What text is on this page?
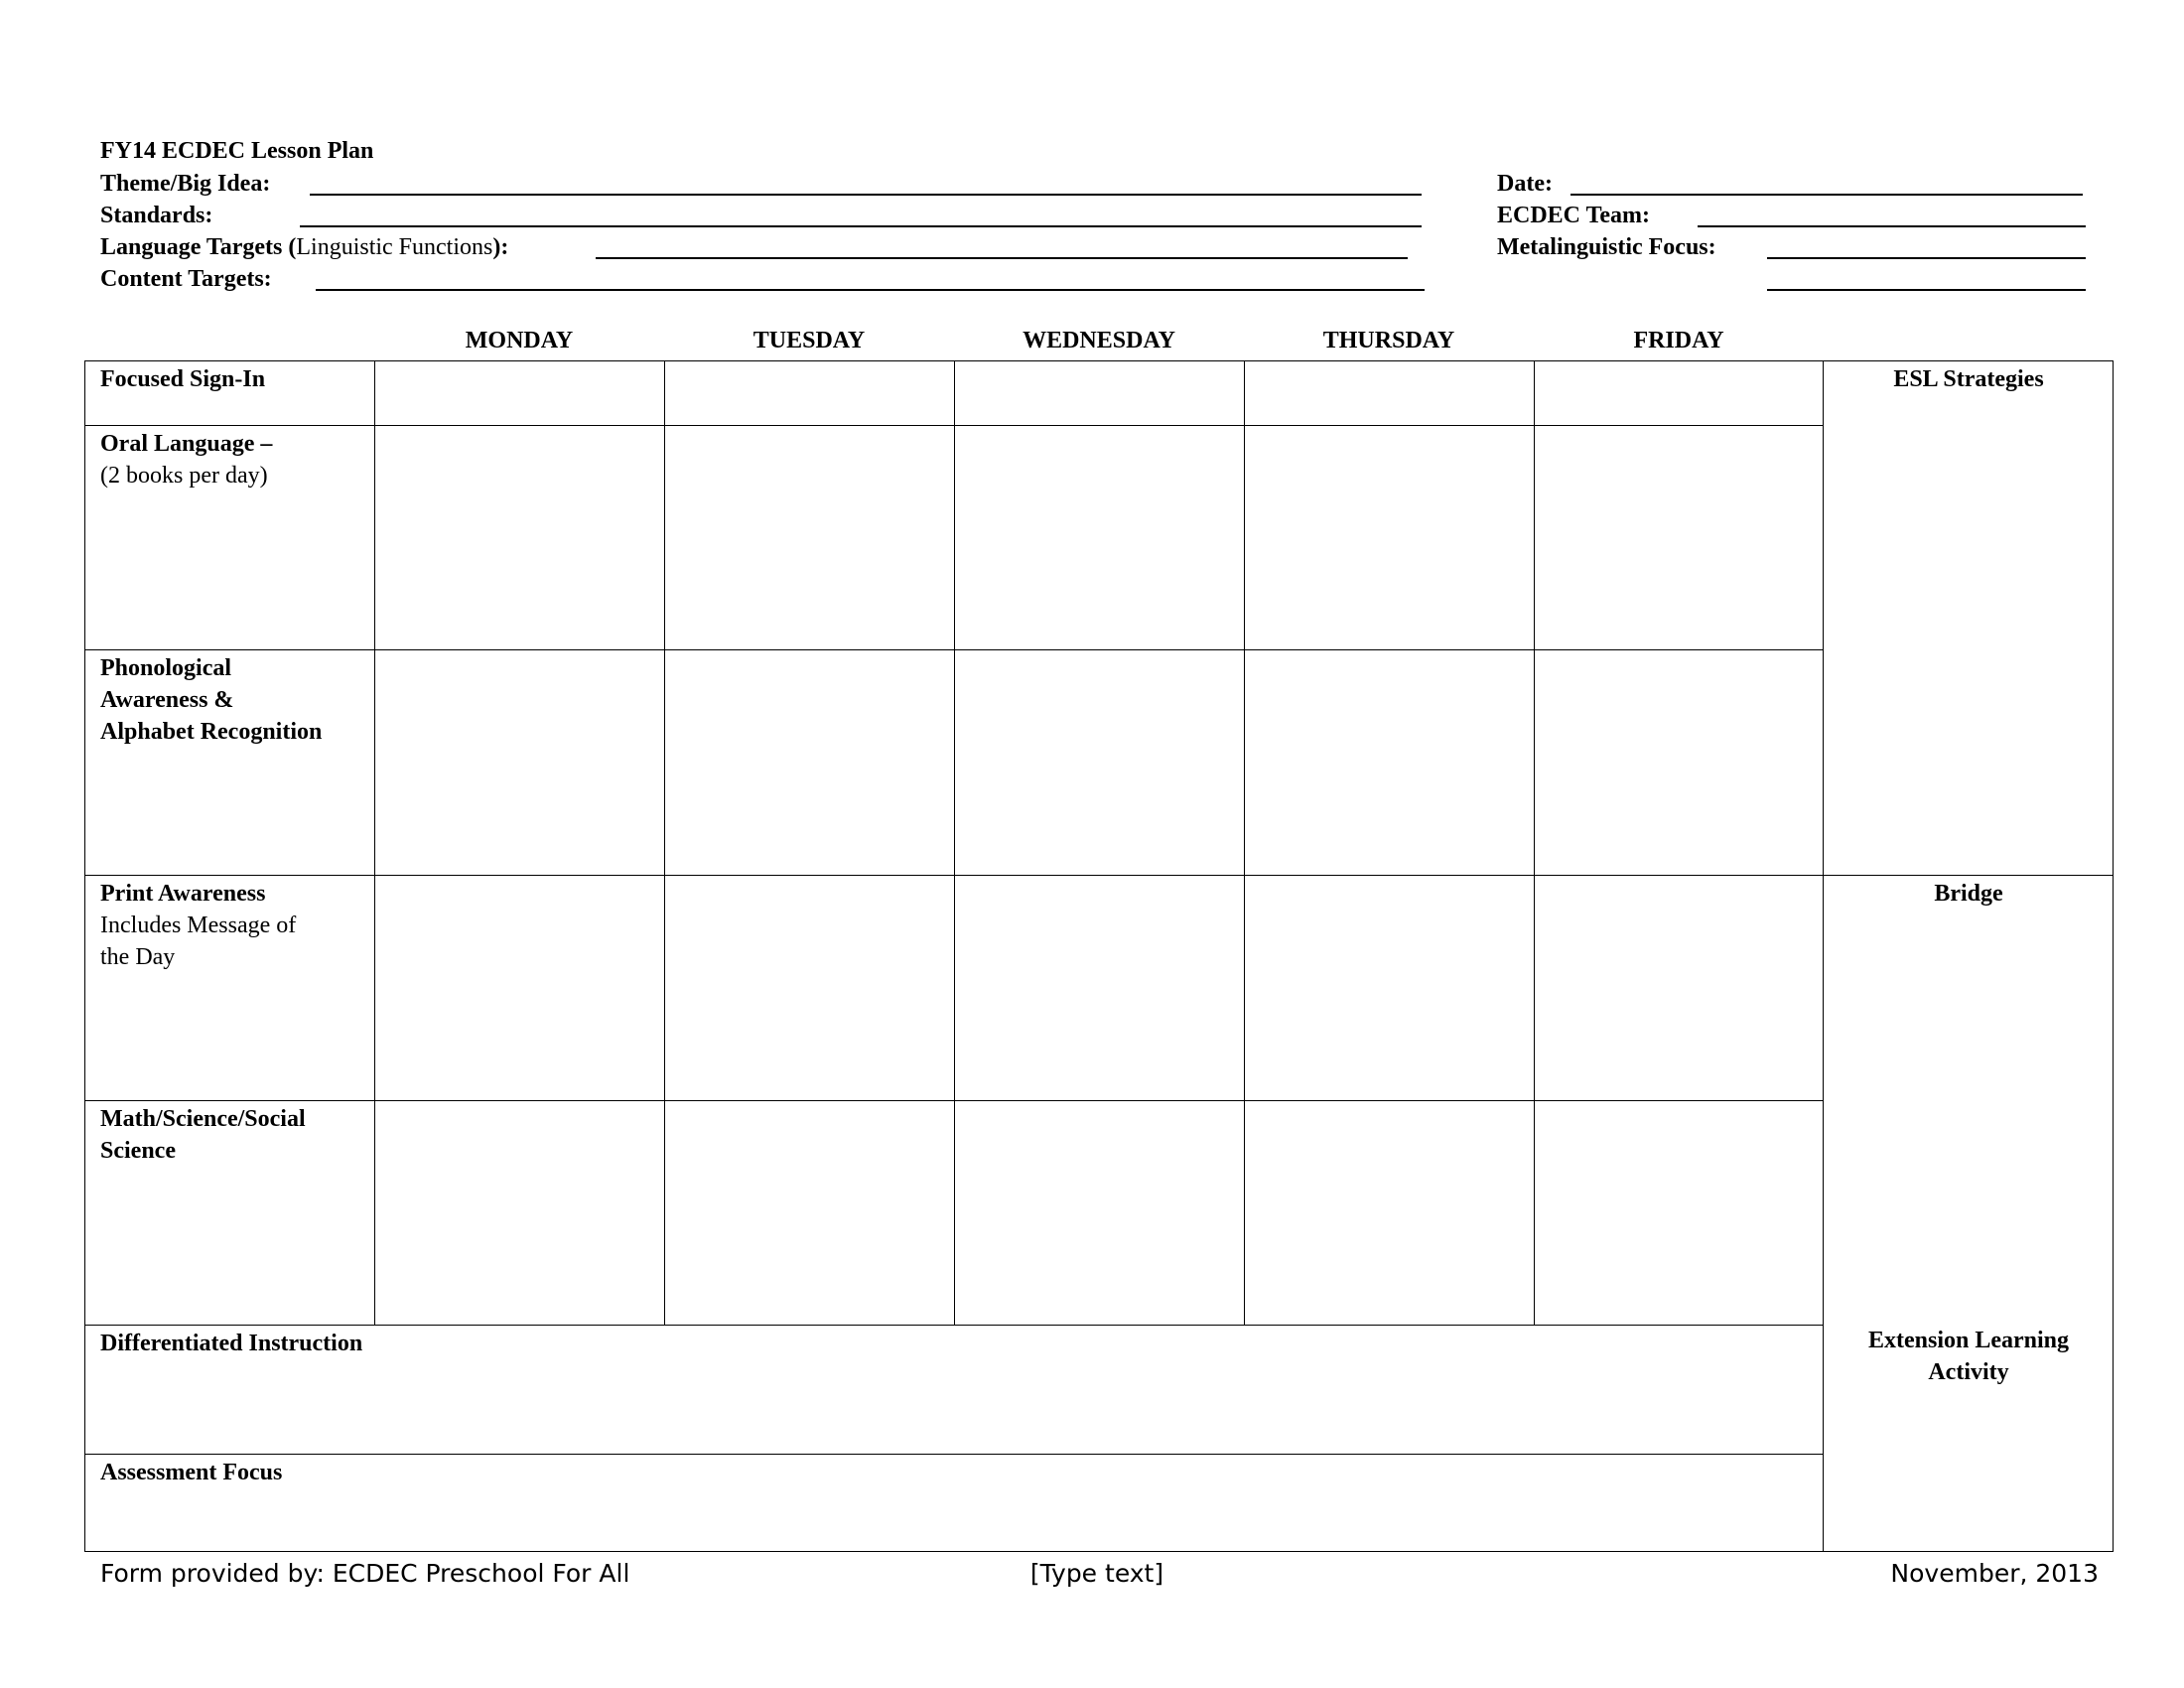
FY14 ECDEC Lesson Plan
Theme/Big Idea:
Standards:
Language Targets (Linguistic Functions):
Content Targets:
Date:
ECDEC Team:
Metalinguistic Focus:
MONDAY	TUESDAY	WEDNESDAY	THURSDAY	FRIDAY
Focused Sign-In
Oral Language –
(2 books per day)
Phonological
Awareness &
Alphabet Recognition
Print Awareness
Includes Message of
the Day
Math/Science/Social
Science
Differentiated Instruction
Assessment Focus
ESL Strategies
Bridge
Extension Learning
Activity
Form provided by: ECDEC Preschool For All	[Type text]	November, 2013
